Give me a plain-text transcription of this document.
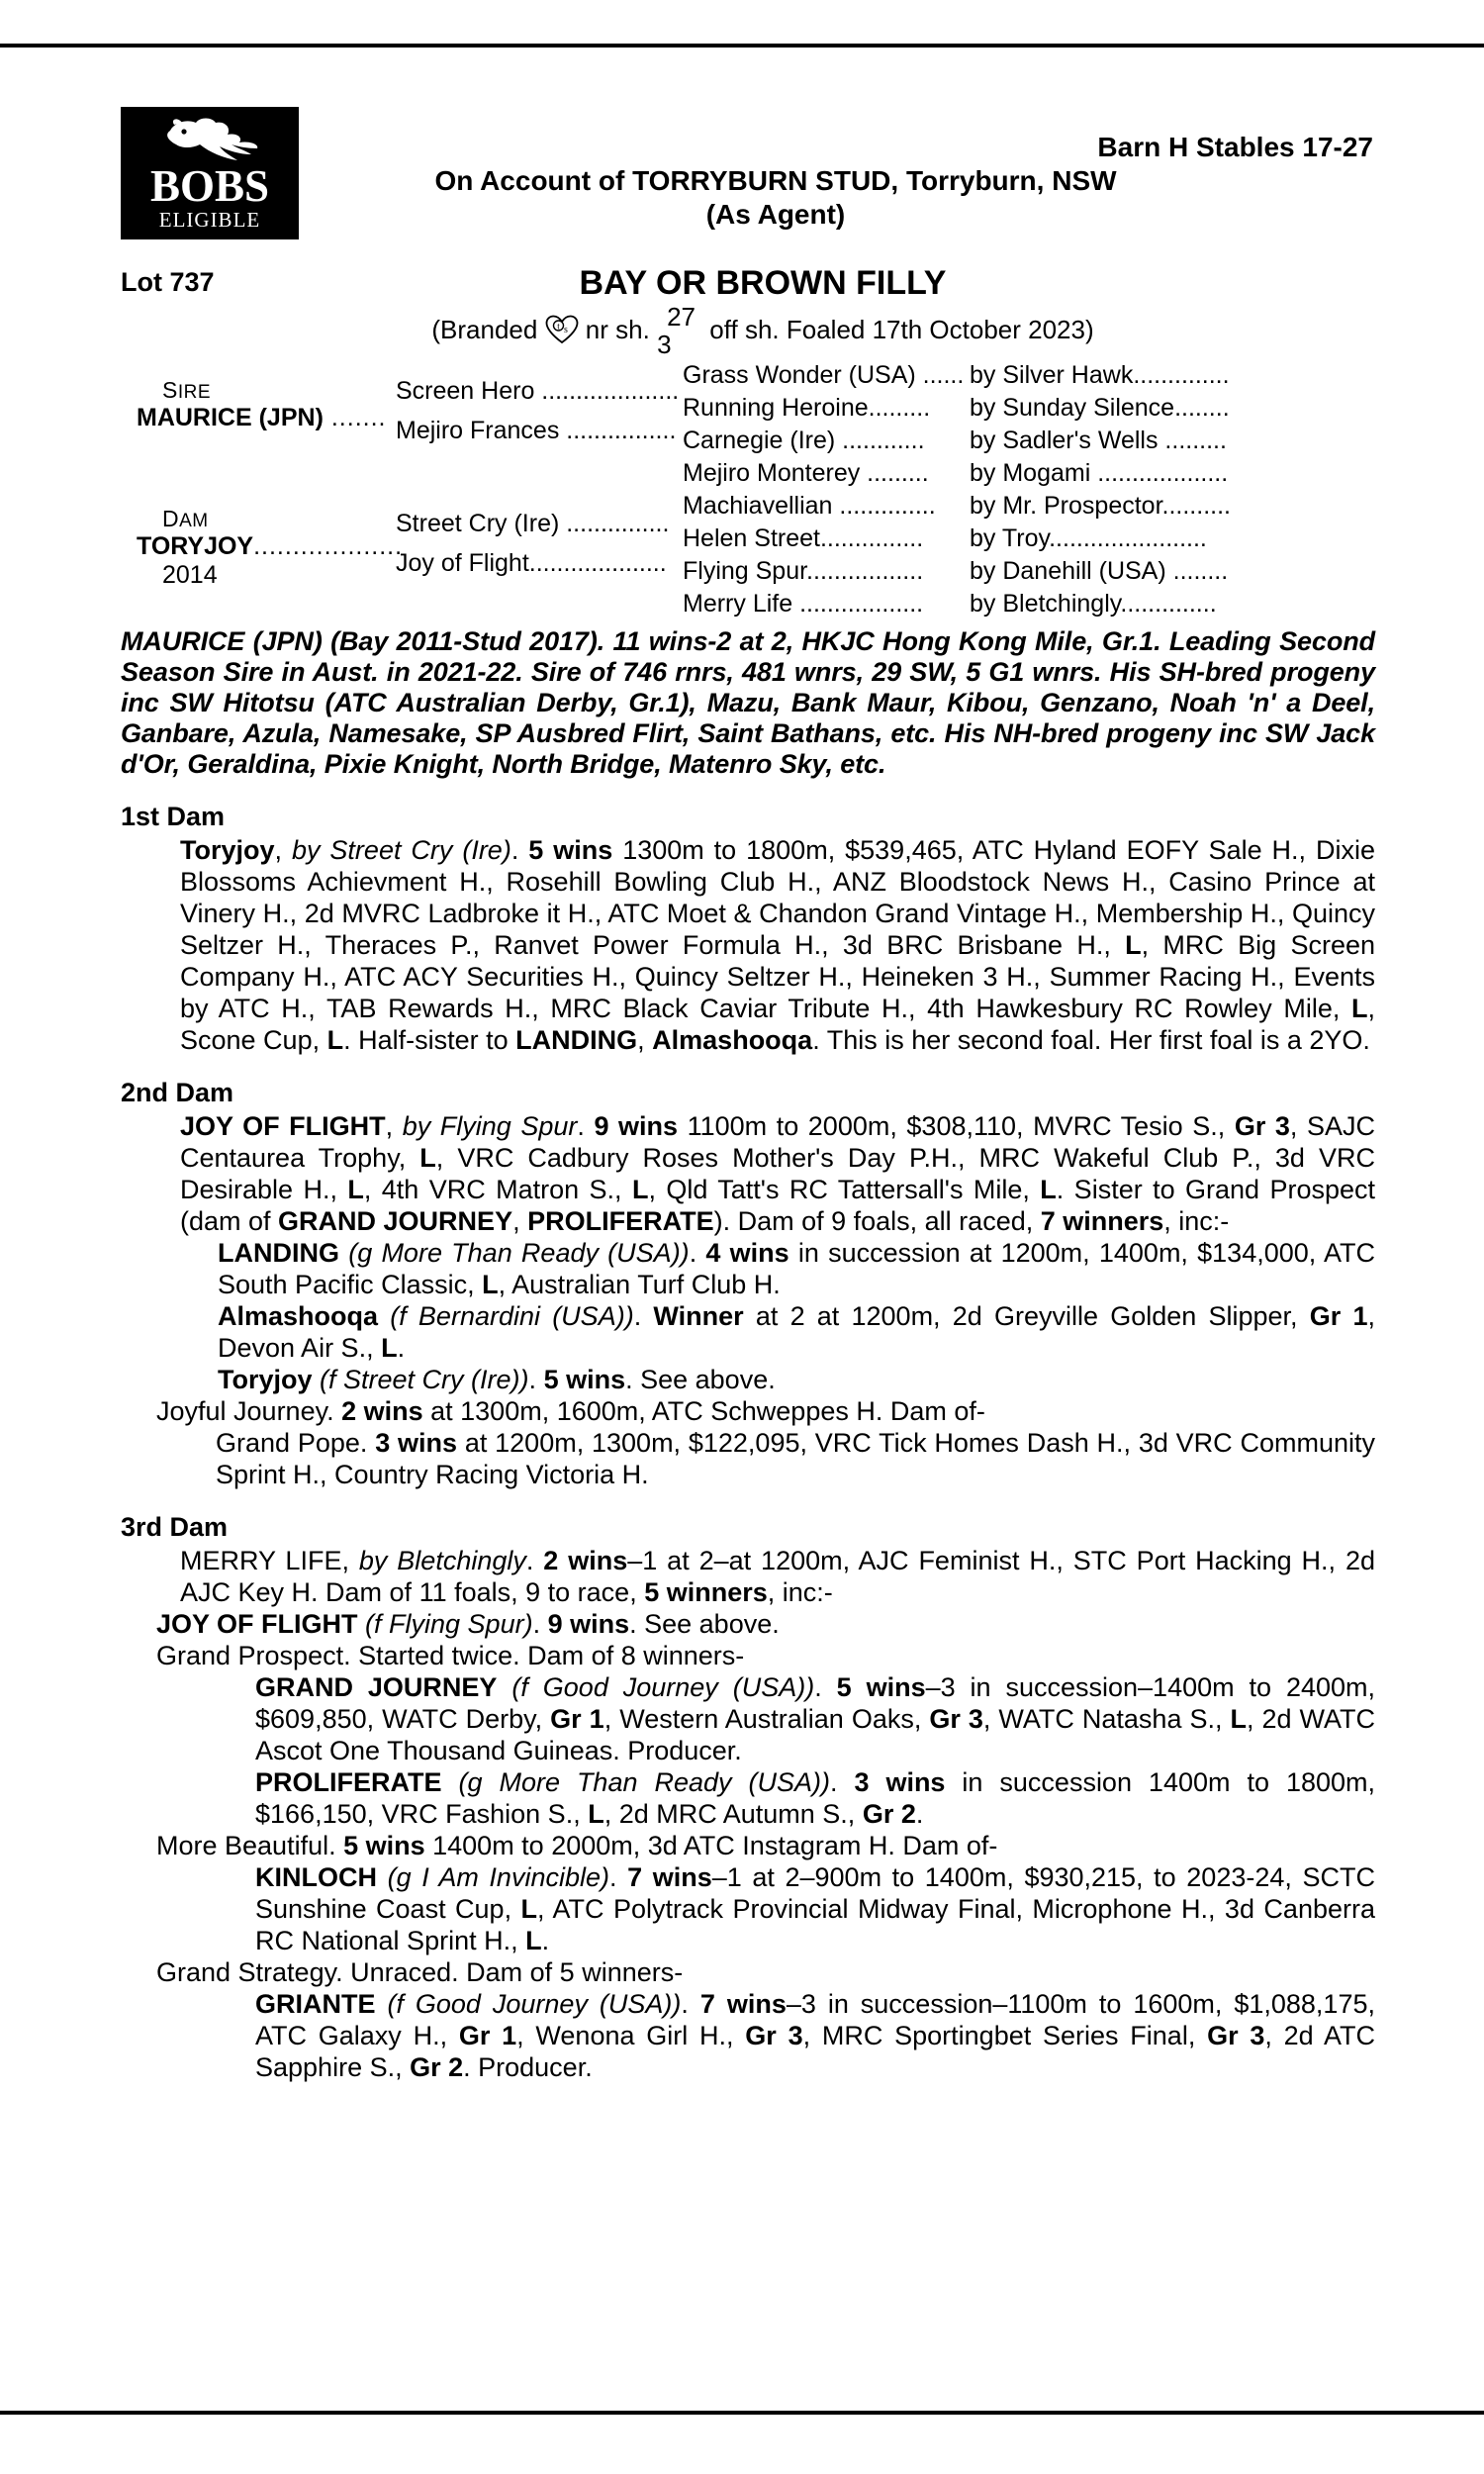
BOBS
ELIGIBLE
Barn H Stables 17-27
On Account of TORRYBURN STUD, Torryburn, NSW
(As Agent)
Lot 737	BAY OR BROWN FILLY
(Branded t s nr sh. 27
3 off sh. Foaled 17th October 2023)
SIRE
MAURICE (JPN) .......
DAM
TORYJOY...................
2014
Screen Hero ....................
Mejiro Frances ................
Street Cry (Ire) ...............
Joy of Flight....................
Grass Wonder (USA) ......
Running Heroine.........
Carnegie (Ire) ............
Mejiro Monterey .........
Machiavellian ..............
Helen Street...............
Flying Spur.................
Merry Life ..................
by Silver Hawk..............
by Sunday Silence........
by Sadler's Wells .........
by Mogami ...................
by Mr. Prospector..........
by Troy.......................
by Danehill (USA) ........
by Bletchingly..............
MAURICE (JPN) (Bay 2011-Stud 2017). 11 wins-2 at 2, HKJC Hong Kong Mile, Gr.1. Leading Second Season Sire in Aust. in 2021-22. Sire of 746 rnrs, 481 wnrs, 29 SW, 5 G1 wnrs. His SH-bred progeny inc SW Hitotsu (ATC Australian Derby, Gr.1), Mazu, Bank Maur, Kibou, Genzano, Noah 'n' a Deel, Ganbare, Azula, Namesake, SP Ausbred Flirt, Saint Bathans, etc. His NH-bred progeny inc SW Jack d'Or, Geraldina, Pixie Knight, North Bridge, Matenro Sky, etc.
1st Dam

Toryjoy, by Street Cry (Ire). 5 wins 1300m to 1800m, $539,465, ATC Hyland EOFY Sale H., Dixie Blossoms Achievment H., Rosehill Bowling Club H., ANZ Bloodstock News H., Casino Prince at Vinery H., 2d MVRC Ladbroke it H., ATC Moet & Chandon Grand Vintage H., Membership H., Quincy Seltzer H., Theraces P., Ranvet Power Formula H., 3d BRC Brisbane H., L, MRC Big Screen Company H., ATC ACY Securities H., Quincy Seltzer H., Heineken 3 H., Summer Racing H., Events by ATC H., TAB Rewards H., MRC Black Caviar Tribute H., 4th Hawkesbury RC Rowley Mile, L, Scone Cup, L. Half-sister to LANDING, Almashooqa. This is her second foal. Her first foal is a 2YO.

2nd Dam

JOY OF FLIGHT, by Flying Spur. 9 wins 1100m to 2000m, $308,110, MVRC Tesio S., Gr 3, SAJC Centaurea Trophy, L, VRC Cadbury Roses Mother's Day P.H., MRC Wakeful Club P., 3d VRC Desirable H., L, 4th VRC Matron S., L, Qld Tatt's RC Tattersall's Mile, L. Sister to Grand Prospect (dam of GRAND JOURNEY, PROLIFERATE). Dam of 9 foals, all raced, 7 winners, inc:-

LANDING (g More Than Ready (USA)). 4 wins in succession at 1200m, 1400m, $134,000, ATC South Pacific Classic, L, Australian Turf Club H.

Almashooqa (f Bernardini (USA)). Winner at 2 at 1200m, 2d Greyville Golden Slipper, Gr 1, Devon Air S., L.

Toryjoy (f Street Cry (Ire)). 5 wins. See above.

Joyful Journey. 2 wins at 1300m, 1600m, ATC Schweppes H. Dam of-

Grand Pope. 3 wins at 1200m, 1300m, $122,095, VRC Tick Homes Dash H., 3d VRC Community Sprint H., Country Racing Victoria H.

3rd Dam

MERRY LIFE, by Bletchingly. 2 wins–1 at 2–at 1200m, AJC Feminist H., STC Port Hacking H., 2d AJC Key H. Dam of 11 foals, 9 to race, 5 winners, inc:-

JOY OF FLIGHT (f Flying Spur). 9 wins. See above.

Grand Prospect. Started twice. Dam of 8 winners-

GRAND JOURNEY (f Good Journey (USA)). 5 wins–3 in succession–1400m to 2400m, $609,850, WATC Derby, Gr 1, Western Australian Oaks, Gr 3, WATC Natasha S., L, 2d WATC Ascot One Thousand Guineas. Producer.

PROLIFERATE (g More Than Ready (USA)). 3 wins in succession 1400m to 1800m, $166,150, VRC Fashion S., L, 2d MRC Autumn S., Gr 2.

More Beautiful. 5 wins 1400m to 2000m, 3d ATC Instagram H. Dam of-

KINLOCH (g I Am Invincible). 7 wins–1 at 2–900m to 1400m, $930,215, to 2023-24, SCTC Sunshine Coast Cup, L, ATC Polytrack Provincial Midway Final, Microphone H., 3d Canberra RC National Sprint H., L.

Grand Strategy. Unraced. Dam of 5 winners-

GRIANTE (f Good Journey (USA)). 7 wins–3 in succession–1100m to 1600m, $1,088,175, ATC Galaxy H., Gr 1, Wenona Girl H., Gr 3, MRC Sportingbet Series Final, Gr 3, 2d ATC Sapphire S., Gr 2. Producer.
